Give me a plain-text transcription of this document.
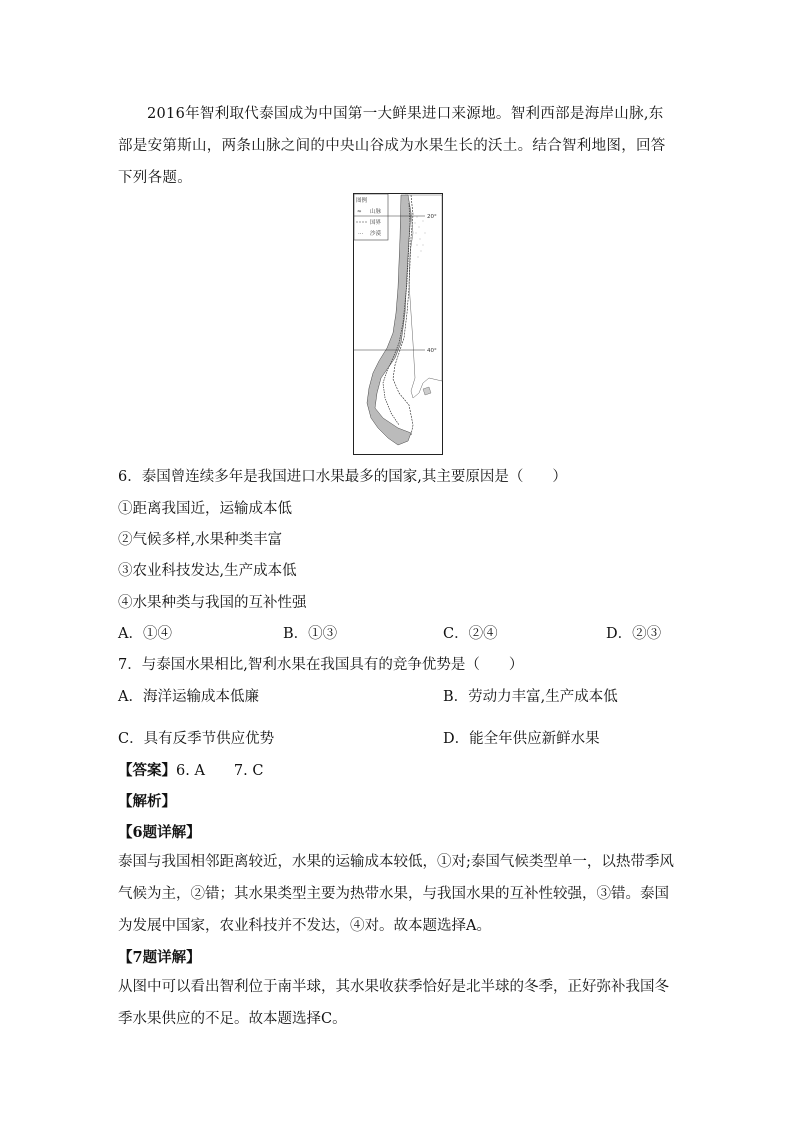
2016年智利取代泰国成为中国第一大鲜果进口来源地。智利西部是海岸山脉,东部是安第斯山，两条山脉之间的中央山谷成为水果生长的沃土。结合智利地图，回答下列各题。

图例
≈ 山脉
国界
··· 沙漠
20°
40°
6．泰国曾连续多年是我国进口水果最多的国家,其主要原因是（　　）
①距离我国近，运输成本低
②气候多样,水果种类丰富
③农业科技发达,生产成本低
④水果种类与我国的互补性强
A．①④	B．①③	C．②④	D．②③
7．与泰国水果相比,智利水果在我国具有的竞争优势是（　　）
A．海洋运输成本低廉	B．劳动力丰富,生产成本低
C．具有反季节供应优势	D．能全年供应新鲜水果
【答案】6. A　　7. C
【解析】
【6题详解】

泰国与我国相邻距离较近，水果的运输成本较低，①对;泰国气候类型单一，以热带季风气候为主，②错；其水果类型主要为热带水果，与我国水果的互补性较强，③错。泰国为发展中国家，农业科技并不发达，④对。故本题选择A。

【7题详解】

从图中可以看出智利位于南半球，其水果收获季恰好是北半球的冬季，正好弥补我国冬季水果供应的不足。故本题选择C。
